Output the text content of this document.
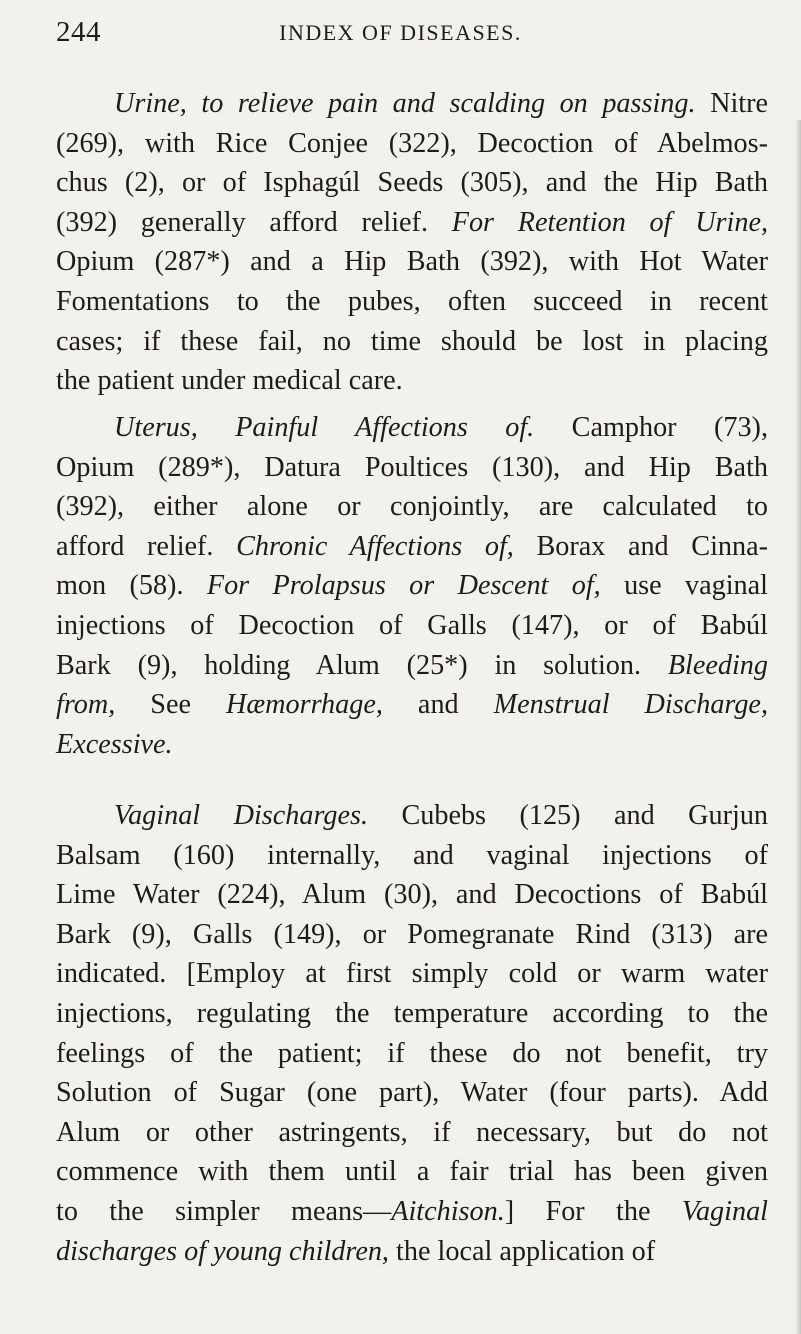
244	INDEX OF DISEASES.
Urine, to relieve pain and scalding on passing. Nitre
(269), with Rice Conjee (322), Decoction of Abelmos-
chus (2), or of Isphagúl Seeds (305), and the Hip Bath
(392) generally afford relief. For Retention of Urine,
Opium (287*) and a Hip Bath (392), with Hot Water
Fomentations to the pubes, often succeed in recent
cases; if these fail, no time should be lost in placing
the patient under medical care.
Uterus, Painful Affections of. Camphor (73),
Opium (289*), Datura Poultices (130), and Hip Bath
(392), either alone or conjointly, are calculated to
afford relief. Chronic Affections of, Borax and Cinna-
mon (58). For Prolapsus or Descent of, use vaginal
injections of Decoction of Galls (147), or of Babúl
Bark (9), holding Alum (25*) in solution. Bleeding
from, See Hæmorrhage, and Menstrual Discharge,
Excessive.
Vaginal Discharges. Cubebs (125) and Gurjun
Balsam (160) internally, and vaginal injections of
Lime Water (224), Alum (30), and Decoctions of Babúl
Bark (9), Galls (149), or Pomegranate Rind (313) are
indicated. [Employ at first simply cold or warm water
injections, regulating the temperature according to the
feelings of the patient; if these do not benefit, try
Solution of Sugar (one part), Water (four parts). Add
Alum or other astringents, if necessary, but do not
commence with them until a fair trial has been given
to the simpler means—Aitchison.] For the Vaginal
discharges of young children, the local application of
